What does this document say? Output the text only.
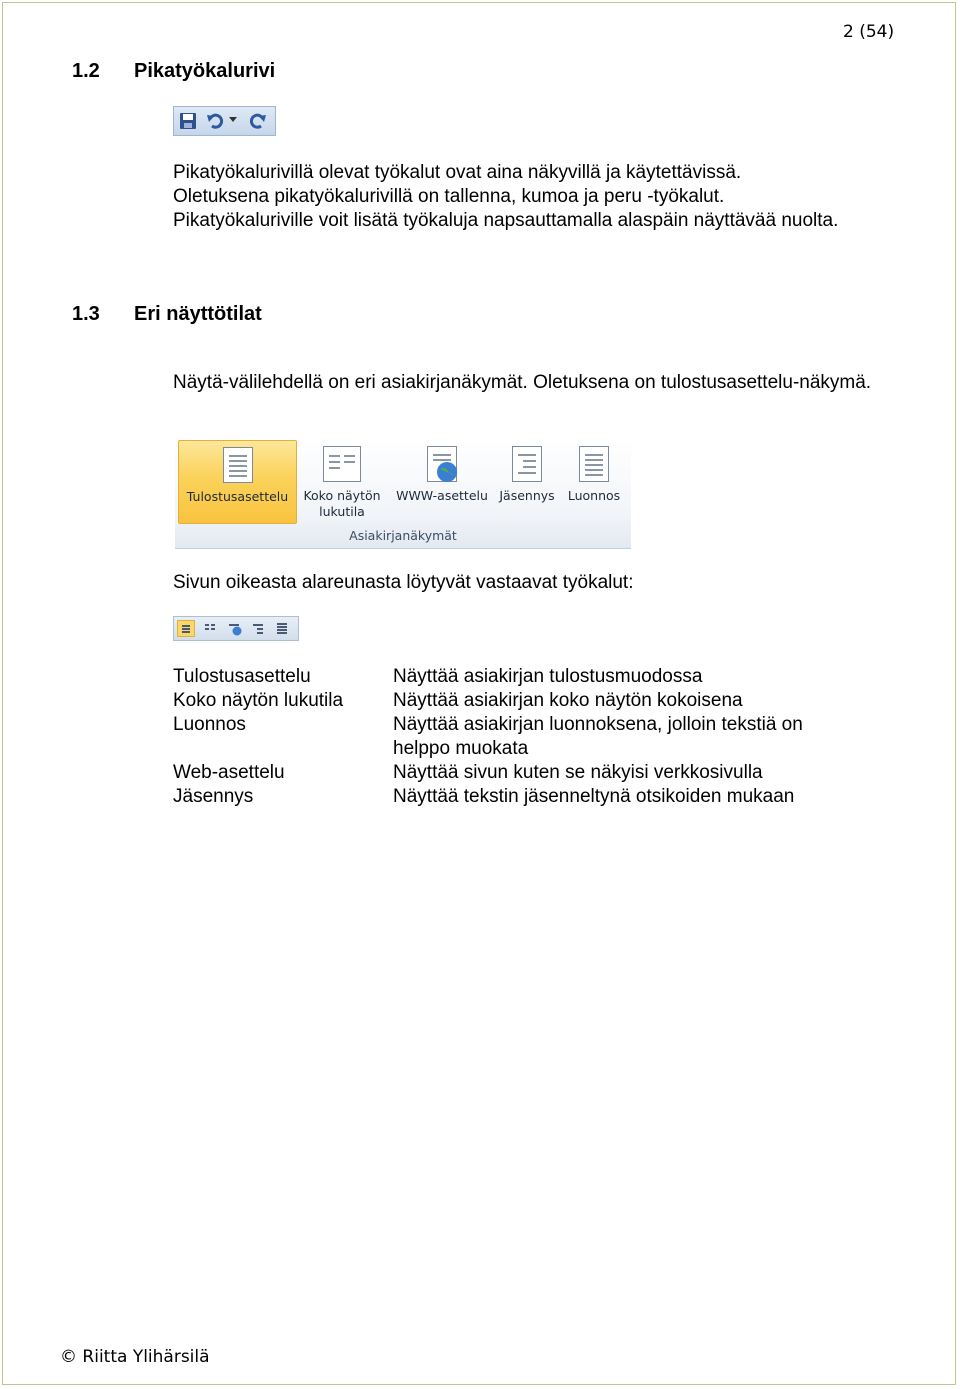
2 (54)
1.2 Pikatyökalurivi

Pikatyökalurivillä olevat työkalut ovat aina näkyvillä ja käytettävissä.

Oletuksena pikatyökalurivillä on tallenna, kumoa ja peru -työkalut.

Pikatyökaluriville voit lisätä työkaluja napsauttamalla alaspäin näyttävää nuolta.

1.3 Eri näyttötilat
Näytä-välilehdellä on eri asiakirjanäkymät. Oletuksena on tulostusasettelu-näkymä.
Tulostusasettelu	Koko näytön
lukutila
WWW-asettelu Jäsennys	Luonnos
Asiakirjanäkymät
Sivun oikeasta alareunasta löytyvät vastaavat työkalut:
Tulostusasettelu	Näyttää asiakirjan tulostusmuodossa
Koko näytön lukutila	Näyttää asiakirjan koko näytön kokoisena
Luonnos	Näyttää asiakirjan luonnoksena, jolloin tekstiä on helppo muokata
Web-asettelu	Näyttää sivun kuten se näkyisi verkkosivulla
Jäsennys	Näyttää tekstin jäsenneltynä otsikoiden mukaan
© Riitta Ylihärsilä
